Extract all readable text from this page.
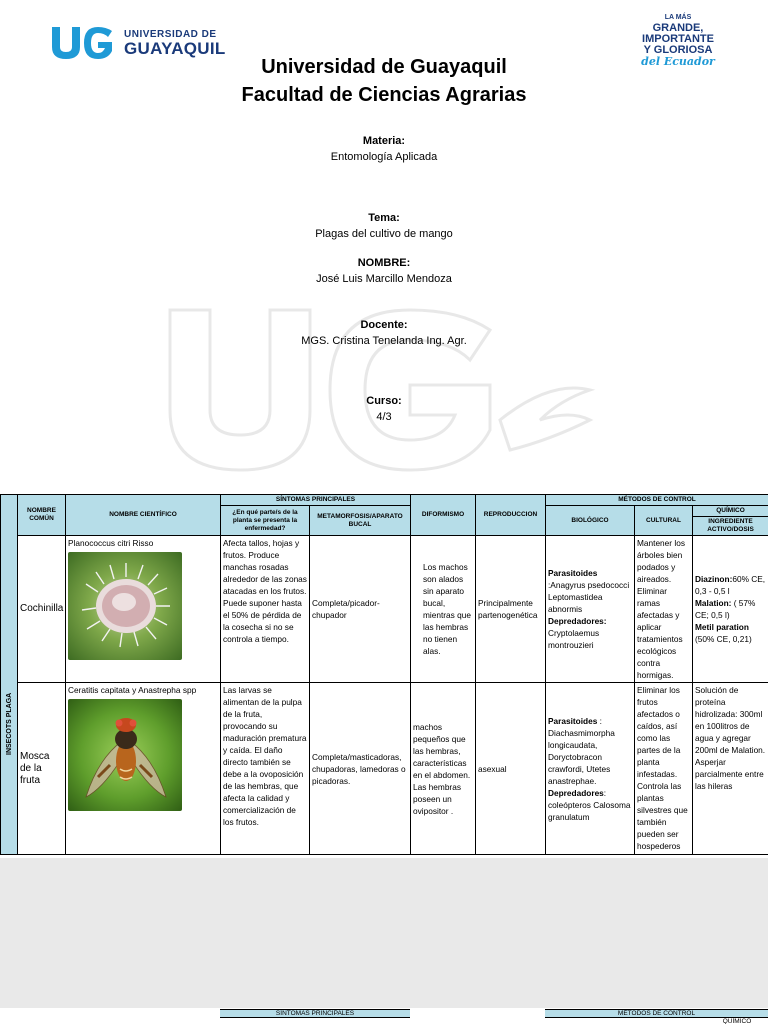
UNIVERSIDAD DE
GUAYAQUIL
LA MÁS
GRANDE,
IMPORTANTE
Y GLORIOSA
del Ecuador
Universidad de Guayaquil
Facultad de Ciencias Agrarias
Materia:
Entomología Aplicada
Tema:
Plagas del cultivo de mango
NOMBRE:
José Luis Marcillo Mendoza
Docente:
MGS. Cristina Tenelanda Ing. Agr.
Curso:
4/3
INSECOTS PLAGA	NOMBRE COMÚN	NOMBRE CIENTÍFICO	SÍNTOMAS PRINCIPALES		DIFORMISMO	REPRODUCCION	MÉTODOS DE CONTROL		
			¿En qué parte/s de la planta se presenta la enfermedad?	METAMORFOSIS/APARATO BUCAL			BIOLÓGICO	CULTURAL	QUÍMICO
									INGREDIENTE ACTIVO/DOSIS
	Cochinilla	Planococcus citri Risso	Afecta tallos, hojas y frutos. Produce manchas rosadas alrededor de las zonas atacadas en los frutos. Puede suponer hasta el 50% de pérdida de la cosecha si no se controla a tiempo.	Completa/picador-chupador	Los machos son alados sin aparato bucal, mientras que las hembras no tienen alas.	Principalmente partenogenética	Parasitoides :Anagyrus psedococci Leptomastidea abnormis
Depredadores:
Cryptolaemus montrouzieri	Mantener los árboles bien podados y aireados. Eliminar ramas afectadas y aplicar tratamientos ecológicos contra hormigas.	Diazinon:60% CE, 0,3 - 0,5 l
Malation: ( 57% CE; 0,5 l)
Metil paration (50% CE, 0,21)
	Mosca de la fruta	Ceratitis capitata y Anastrepha spp	Las larvas se alimentan de la pulpa de la fruta, provocando su maduración prematura y caída. El daño directo también se debe a la ovoposición de las hembras, que afecta la calidad y comercialización de los frutos.	Completa/masticadoras, chupadoras, lamedoras o picadoras.	machos pequeños que las hembras, características en el abdomen. Las hembras poseen un ovipositor .	asexual	Parasitoides : Diachasmimorpha longicaudata, Doryctobracon crawfordi, Utetes anastrephae.
Depredadores: coleópteros Calosoma granulatum	Eliminar los frutos afectados o caídos, así como las partes de la planta infestadas. Controla las plantas silvestres que también pueden ser hospederos	Solución de proteína hidrolizada: 300ml en 100litros de agua y agregar 200ml de Malation. Asperjar parcialmente entre las hileras
SÍNTOMAS PRINCIPALES	MÉTODOS DE CONTROL
QUÍMICO
